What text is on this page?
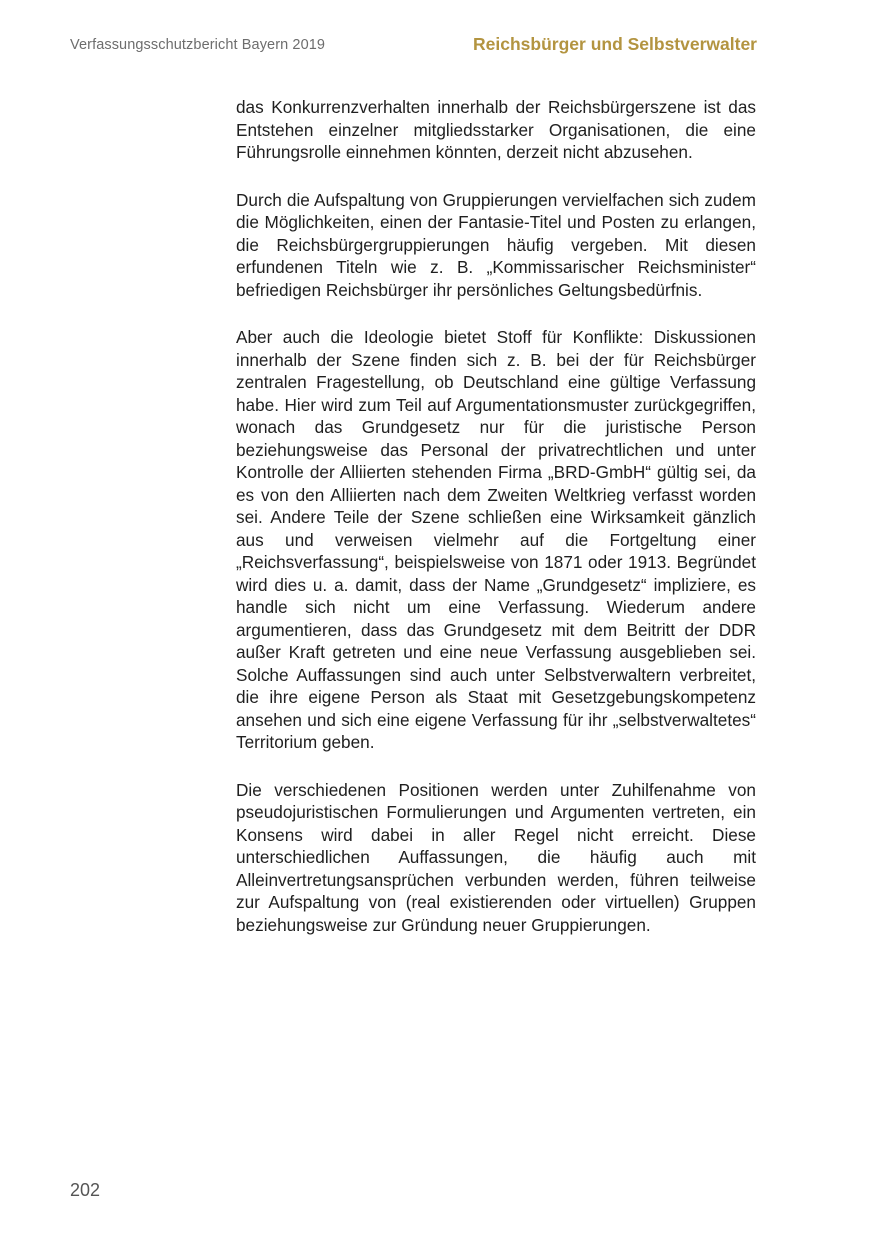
Verfassungsschutzbericht Bayern 2019	Reichsbürger und Selbstverwalter

das Konkurrenzverhalten innerhalb der Reichsbürgerszene ist das Entstehen einzelner mitgliedsstarker Organisationen, die eine Führungsrolle einnehmen könnten, derzeit nicht abzusehen.

Durch die Aufspaltung von Gruppierungen vervielfachen sich zudem die Möglichkeiten, einen der Fantasie-Titel und Posten zu erlangen, die Reichsbürgergruppierungen häufig vergeben. Mit diesen erfundenen Titeln wie z. B. „Kommissarischer Reichsminister“ befriedigen Reichsbürger ihr persönliches Geltungsbedürfnis.

Aber auch die Ideologie bietet Stoff für Konflikte: Diskussionen innerhalb der Szene finden sich z. B. bei der für Reichsbürger zentralen Fragestellung, ob Deutschland eine gültige Verfassung habe. Hier wird zum Teil auf Argumentationsmuster zurückgegriffen, wonach das Grundgesetz nur für die juristische Person beziehungsweise das Personal der privatrechtlichen und unter Kontrolle der Alliierten stehenden Firma „BRD-GmbH“ gültig sei, da es von den Alliierten nach dem Zweiten Weltkrieg verfasst worden sei. Andere Teile der Szene schließen eine Wirksamkeit gänzlich aus und verweisen vielmehr auf die Fortgeltung einer „Reichsverfassung“, beispielsweise von 1871 oder 1913. Begründet wird dies u. a. damit, dass der Name „Grundgesetz“ impliziere, es handle sich nicht um eine Verfassung. Wiederum andere argumentieren, dass das Grundgesetz mit dem Beitritt der DDR außer Kraft getreten und eine neue Verfassung ausgeblieben sei. Solche Auffassungen sind auch unter Selbstverwaltern verbreitet, die ihre eigene Person als Staat mit Gesetzgebungskompetenz ansehen und sich eine eigene Verfassung für ihr „selbstverwaltetes“ Territorium geben.

Die verschiedenen Positionen werden unter Zuhilfenahme von pseudojuristischen Formulierungen und Argumenten vertreten, ein Konsens wird dabei in aller Regel nicht erreicht. Diese unterschiedlichen Auffassungen, die häufig auch mit Alleinvertretungsansprüchen verbunden werden, führen teilweise zur Aufspaltung von (real existierenden oder virtuellen) Gruppen beziehungsweise zur Gründung neuer Gruppierungen.

202
